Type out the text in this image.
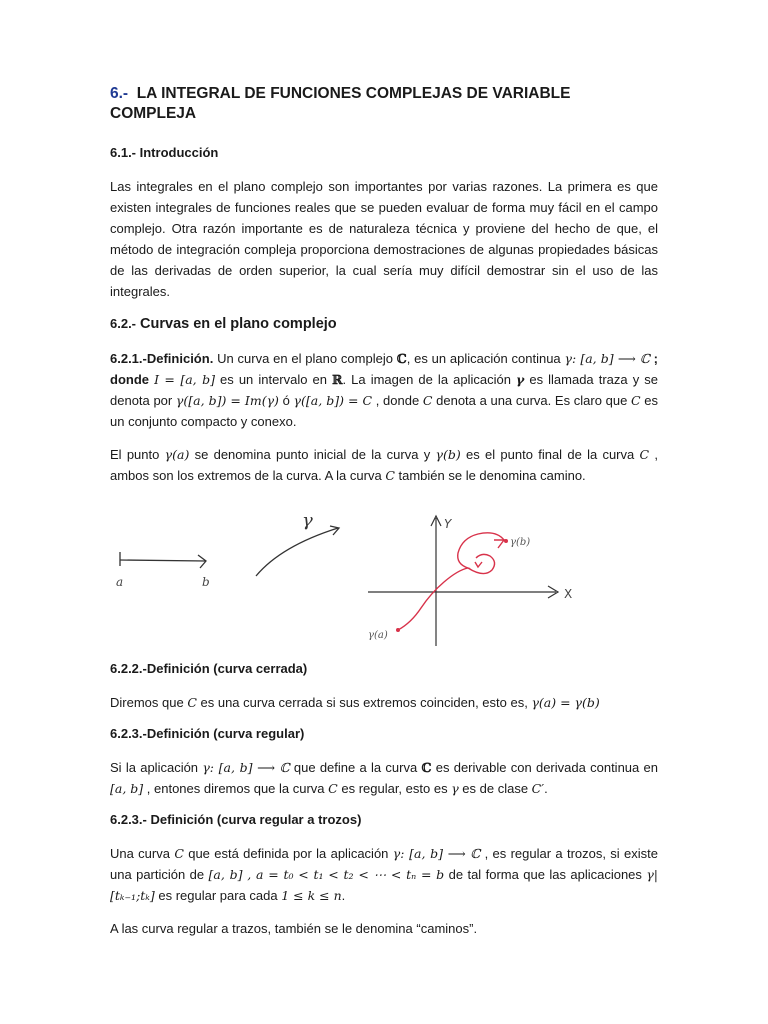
6.- LA INTEGRAL DE FUNCIONES COMPLEJAS DE VARIABLE COMPLEJA
6.1.- Introducción

Las integrales en el plano complejo son importantes por varias razones. La primera es que existen integrales de funciones reales que se pueden evaluar de forma muy fácil en el campo complejo. Otra razón importante es de naturaleza técnica y proviene del hecho de que, el método de integración compleja proporciona demostraciones de algunas propiedades básicas de las derivadas de orden superior, la cual sería muy difícil demostrar sin el uso de las integrales.

6.2.- Curvas en el plano complejo

6.2.1.-Definición. Un curva en el plano complejo ℂ, es un aplicación continua γ: [a, b] ⟶ ℂ ; donde I = [a, b] es un intervalo en ℝ. La imagen de la aplicación γ es llamada traza y se denota por γ([a, b]) = Im(γ) ó γ([a, b]) = C , donde C denota a una curva. Es claro que C es un conjunto compacto y conexo.

El punto γ(a) se denomina punto inicial de la curva y γ(b) es el punto final de la curva C , ambos son los extremos de la curva. A la curva C también se le denomina camino.

a	b
γ	Y
X
γ(b)
γ(a)
6.2.2.-Definición (curva cerrada)

Diremos que C es una curva cerrada si sus extremos coinciden, esto es, γ(a) = γ(b)

6.2.3.-Definición (curva regular)

Si la aplicación γ: [a, b] ⟶ ℂ que define a la curva ℂ es derivable con derivada continua en [a, b] , entones diremos que la curva C es regular, esto es γ es de clase C′.

6.2.3.- Definición (curva regular a trozos)

Una curva C que está definida por la aplicación γ: [a, b] ⟶ ℂ , es regular a trozos, si existe una partición de [a, b] , a = t₀ < t₁ < t₂ < ⋯ < tₙ = b de tal forma que las aplicaciones γ|[tₖ₋₁;tₖ] es regular para cada 1 ≤ k ≤ n.

A las curva regular a trazos, también se le denomina “caminos”.
